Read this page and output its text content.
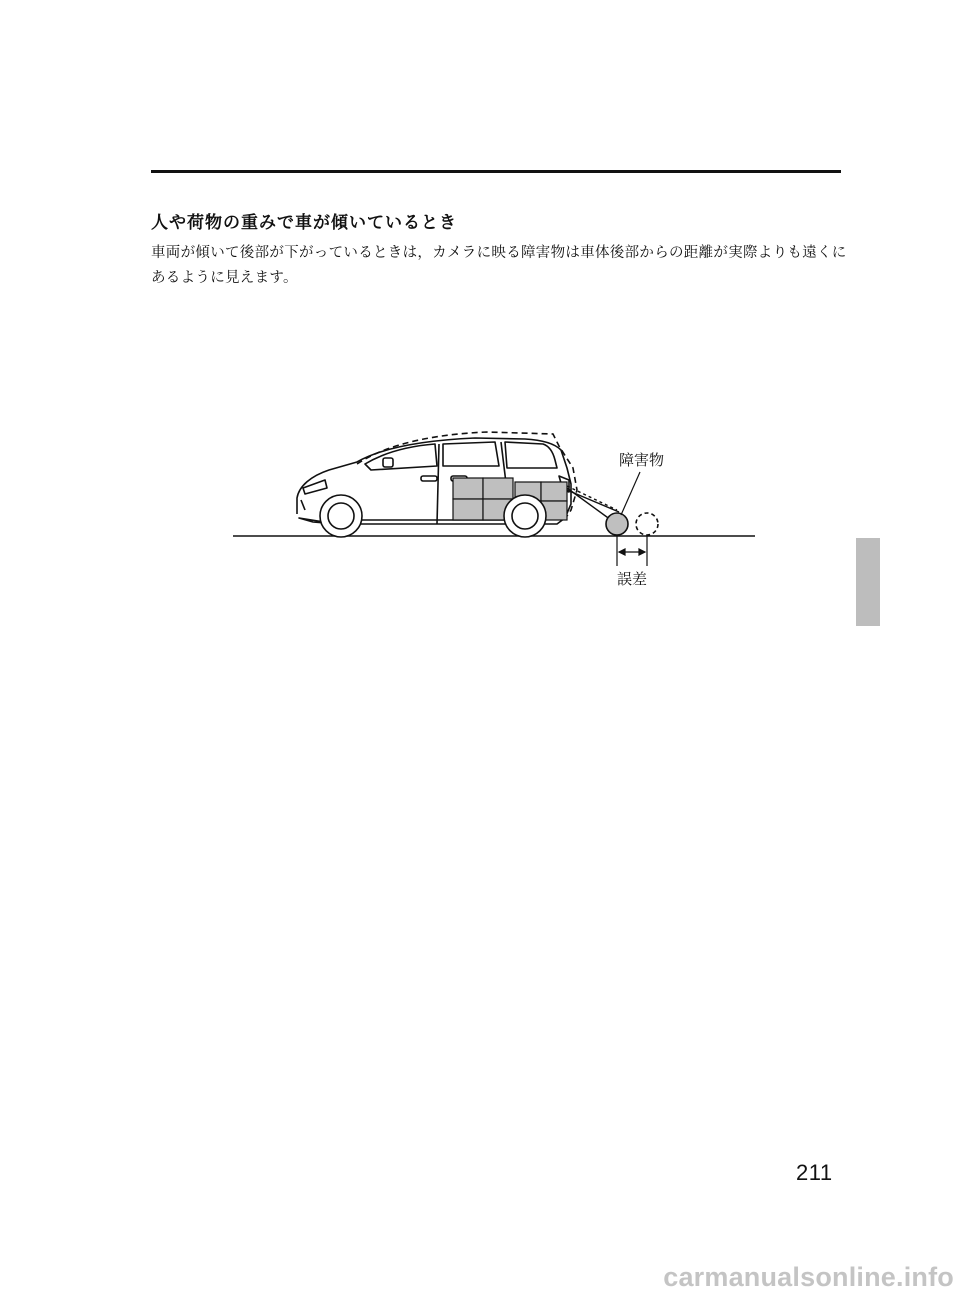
人や荷物の重みで車が傾いているとき
車両が傾いて後部が下がっているときは，カメラに映る障害物は車体後部からの距離が実際よりも遠くにあるように見えます。
障害物
誤差
211
carmanualsonline.info
